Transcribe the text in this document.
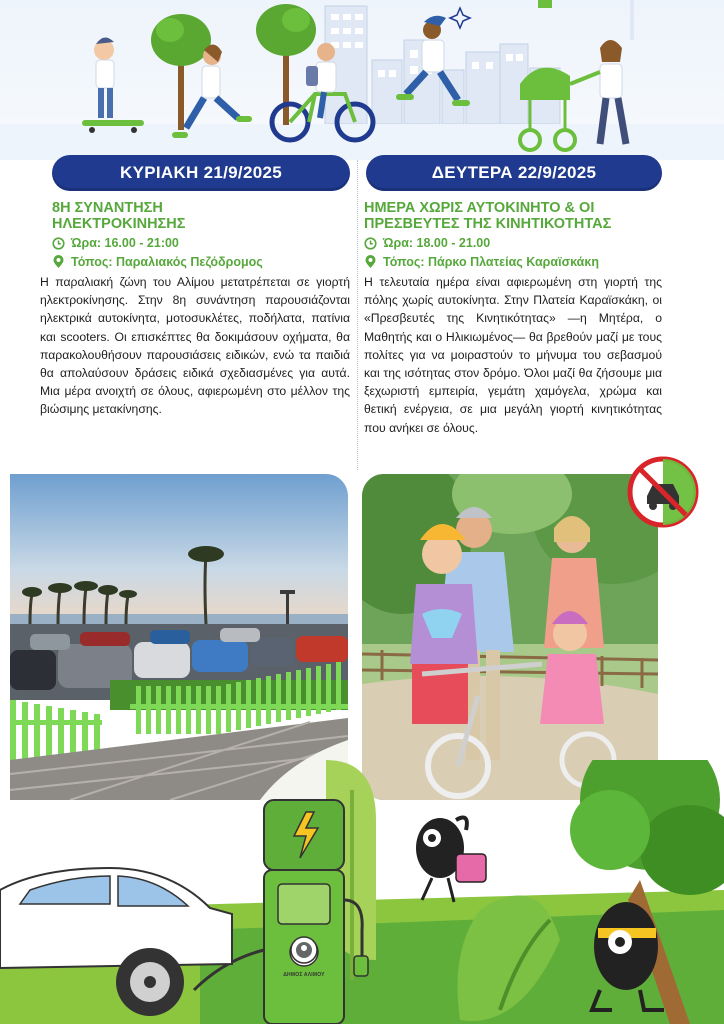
ΚΥΡΙΑΚΗ 21/9/2025	ΔΕΥΤΕΡΑ 22/9/2025
8Η ΣΥΝΑΝΤΗΣΗ
ΗΛΕΚΤΡΟΚΙΝΗΣΗΣ
Ώρα: 16.00 - 21:00
Τόπος: Παραλιακός Πεζόδρομος

Η παραλιακή ζώνη του Αλίμου μετατρέπεται σε γιορτή ηλεκτροκίνησης. Στην 8η συνάντηση παρουσιάζονται ηλεκτρικά αυτοκίνητα, μοτοσυκλέτες, ποδήλατα, πατίνια και scooters. Οι επισκέπτες θα δοκιμάσουν οχήματα, θα παρακολουθήσουν παρουσιάσεις ειδικών, ενώ τα παιδιά θα απολαύσουν δράσεις ειδικά σχεδιασμένες για αυτά. Μια μέρα ανοιχτή σε όλους, αφιερωμένη στο μέλλον της βιώσιμης μετακίνησης.

ΗΜΕΡΑ ΧΩΡΙΣ ΑΥΤΟΚΙΝΗΤΟ & ΟΙ
ΠΡΕΣΒΕΥΤΕΣ ΤΗΣ ΚΙΝΗΤΙΚΟΤΗΤΑΣ
Ώρα: 18.00 - 21.00
Τόπος: Πάρκο Πλατείας Καραϊσκάκη

Η τελευταία ημέρα είναι αφιερωμένη στη γιορτή της πόλης χωρίς αυτοκίνητα. Στην Πλατεία Καραϊσκάκη, οι «Πρεσβευτές της Κινητικότητας» —η Μητέρα, ο Μαθητής και ο Ηλικιωμένος— θα βρεθούν μαζί με τους πολίτες για να μοιραστούν το μήνυμα του σεβασμού και της ισότητας στον δρόμο. Όλοι μαζί θα ζήσουμε μια ξεχωριστή εμπειρία, γεμάτη χαμόγελα, χρώμα και θετική ενέργεια, σε μια μεγάλη γιορτή κινητικότητας που ανήκει σε όλους.

ΔΗΜΟΣ ΑΛΙΜΟΥ
